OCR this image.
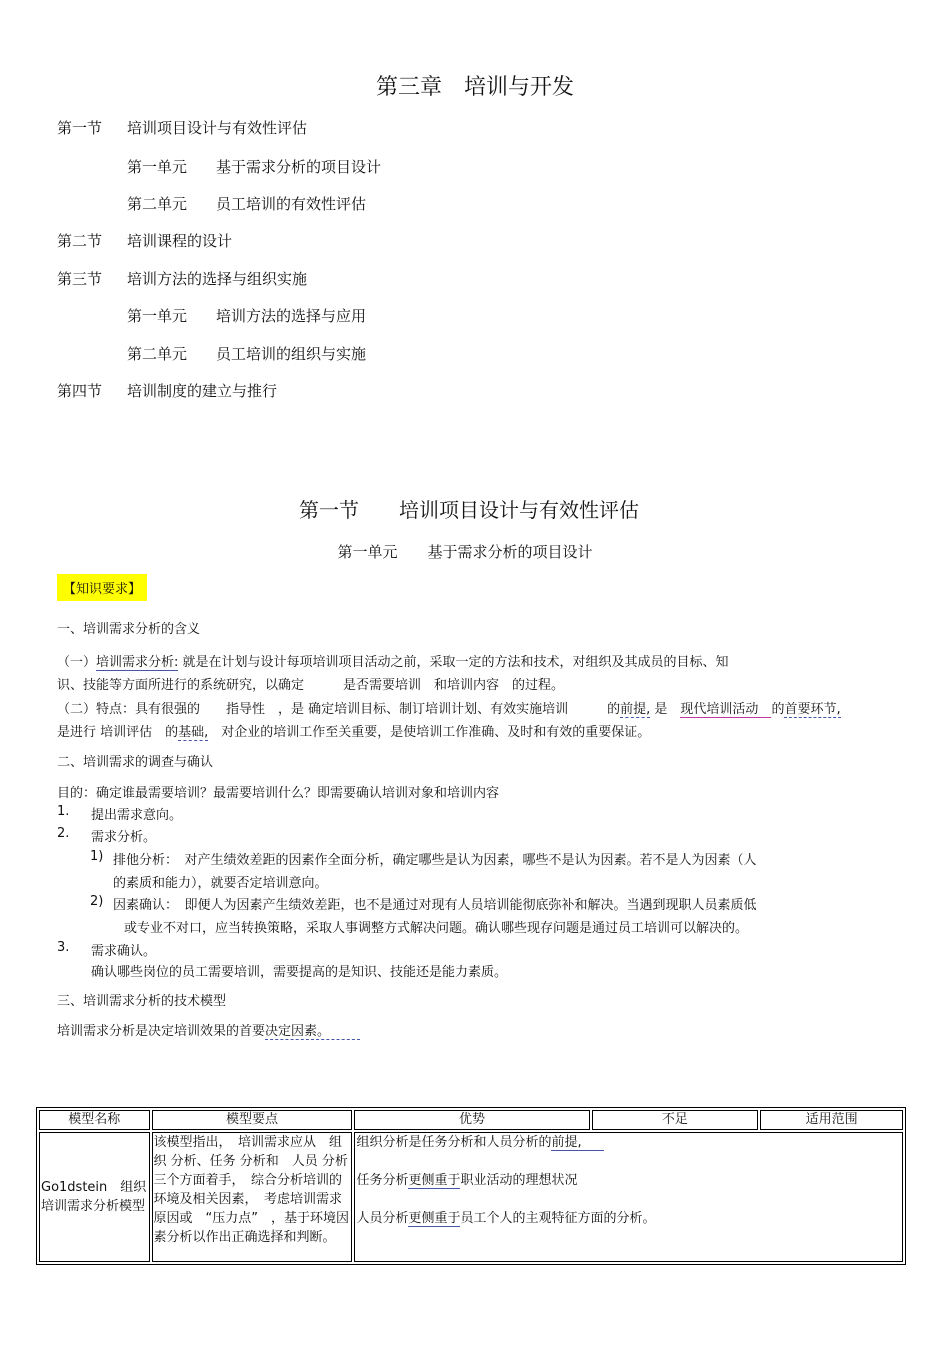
第三章　培训与开发
第一节 培训项目设计与有效性评估
第一单元 基于需求分析的项目设计
第二单元 员工培训的有效性评估
第二节 培训课程的设计
第三节 培训方法的选择与组织实施
第一单元 培训方法的选择与应用
第二单元 员工培训的组织与实施
第四节 培训制度的建立与推行
第一节　　培训项目设计与有效性评估
第一单元　　基于需求分析的项目设计
【知识要求】
一、培训需求分析的含义
（一）培训需求分析: 就是在计划与设计每项培训项目活动之前，采取一定的方法和技术，对组织及其成员的目标、知
识、技能等方面所进行的系统研究，以确定　　　是否需要培训　和培训内容　的过程。
（二）特点：具有很强的　　指导性　，是 确定培训目标、制订培训计划、有效实施培训　　　的前提, 是　现代培训活动　的首要环节,
是进行 培训评估　的基础,　对企业的培训工作至关重要，是使培训工作准确、及时和有效的重要保证。
二、培训需求的调查与确认
目的：确定谁最需要培训？最需要培训什么？即需要确认培训对象和培训内容
1. 提出需求意向。
2. 需求分析。
1) 排他分析：　对产生绩效差距的因素作全面分析，确定哪些是认为因素，哪些不是认为因素。若不是人为因素（人
的素质和能力），就要否定培训意向。
2) 因素确认：　即便人为因素产生绩效差距，也不是通过对现有人员培训能彻底弥补和解决。当遇到现职人员素质低
或专业不对口，应当转换策略，采取人事调整方式解决问题。确认哪些现存问题是通过员工培训可以解决的。
3. 需求确认。
确认哪些岗位的员工需要培训，需要提高的是知识、技能还是能力素质。
三、培训需求分析的技术模型
培训需求分析是决定培训效果的首要决定因素。
模型名称	模型要点	优势	不足	适用范围
Go1dstein　组织培训需求分析模型	该模型指出，　培训需求应从　组织 分析、任务 分析和　人员 分析三个方面着手，　综合分析培训的环境及相关因素，　考虑培训需求原因或　“压力点”　，基于环境因素分析以作出正确选择和判断。	组织分析是任务分析和人员分析的前提,
任务分析更侧重于职业活动的理想状况
人员分析更侧重于员工个人的主观特征方面的分析。		
